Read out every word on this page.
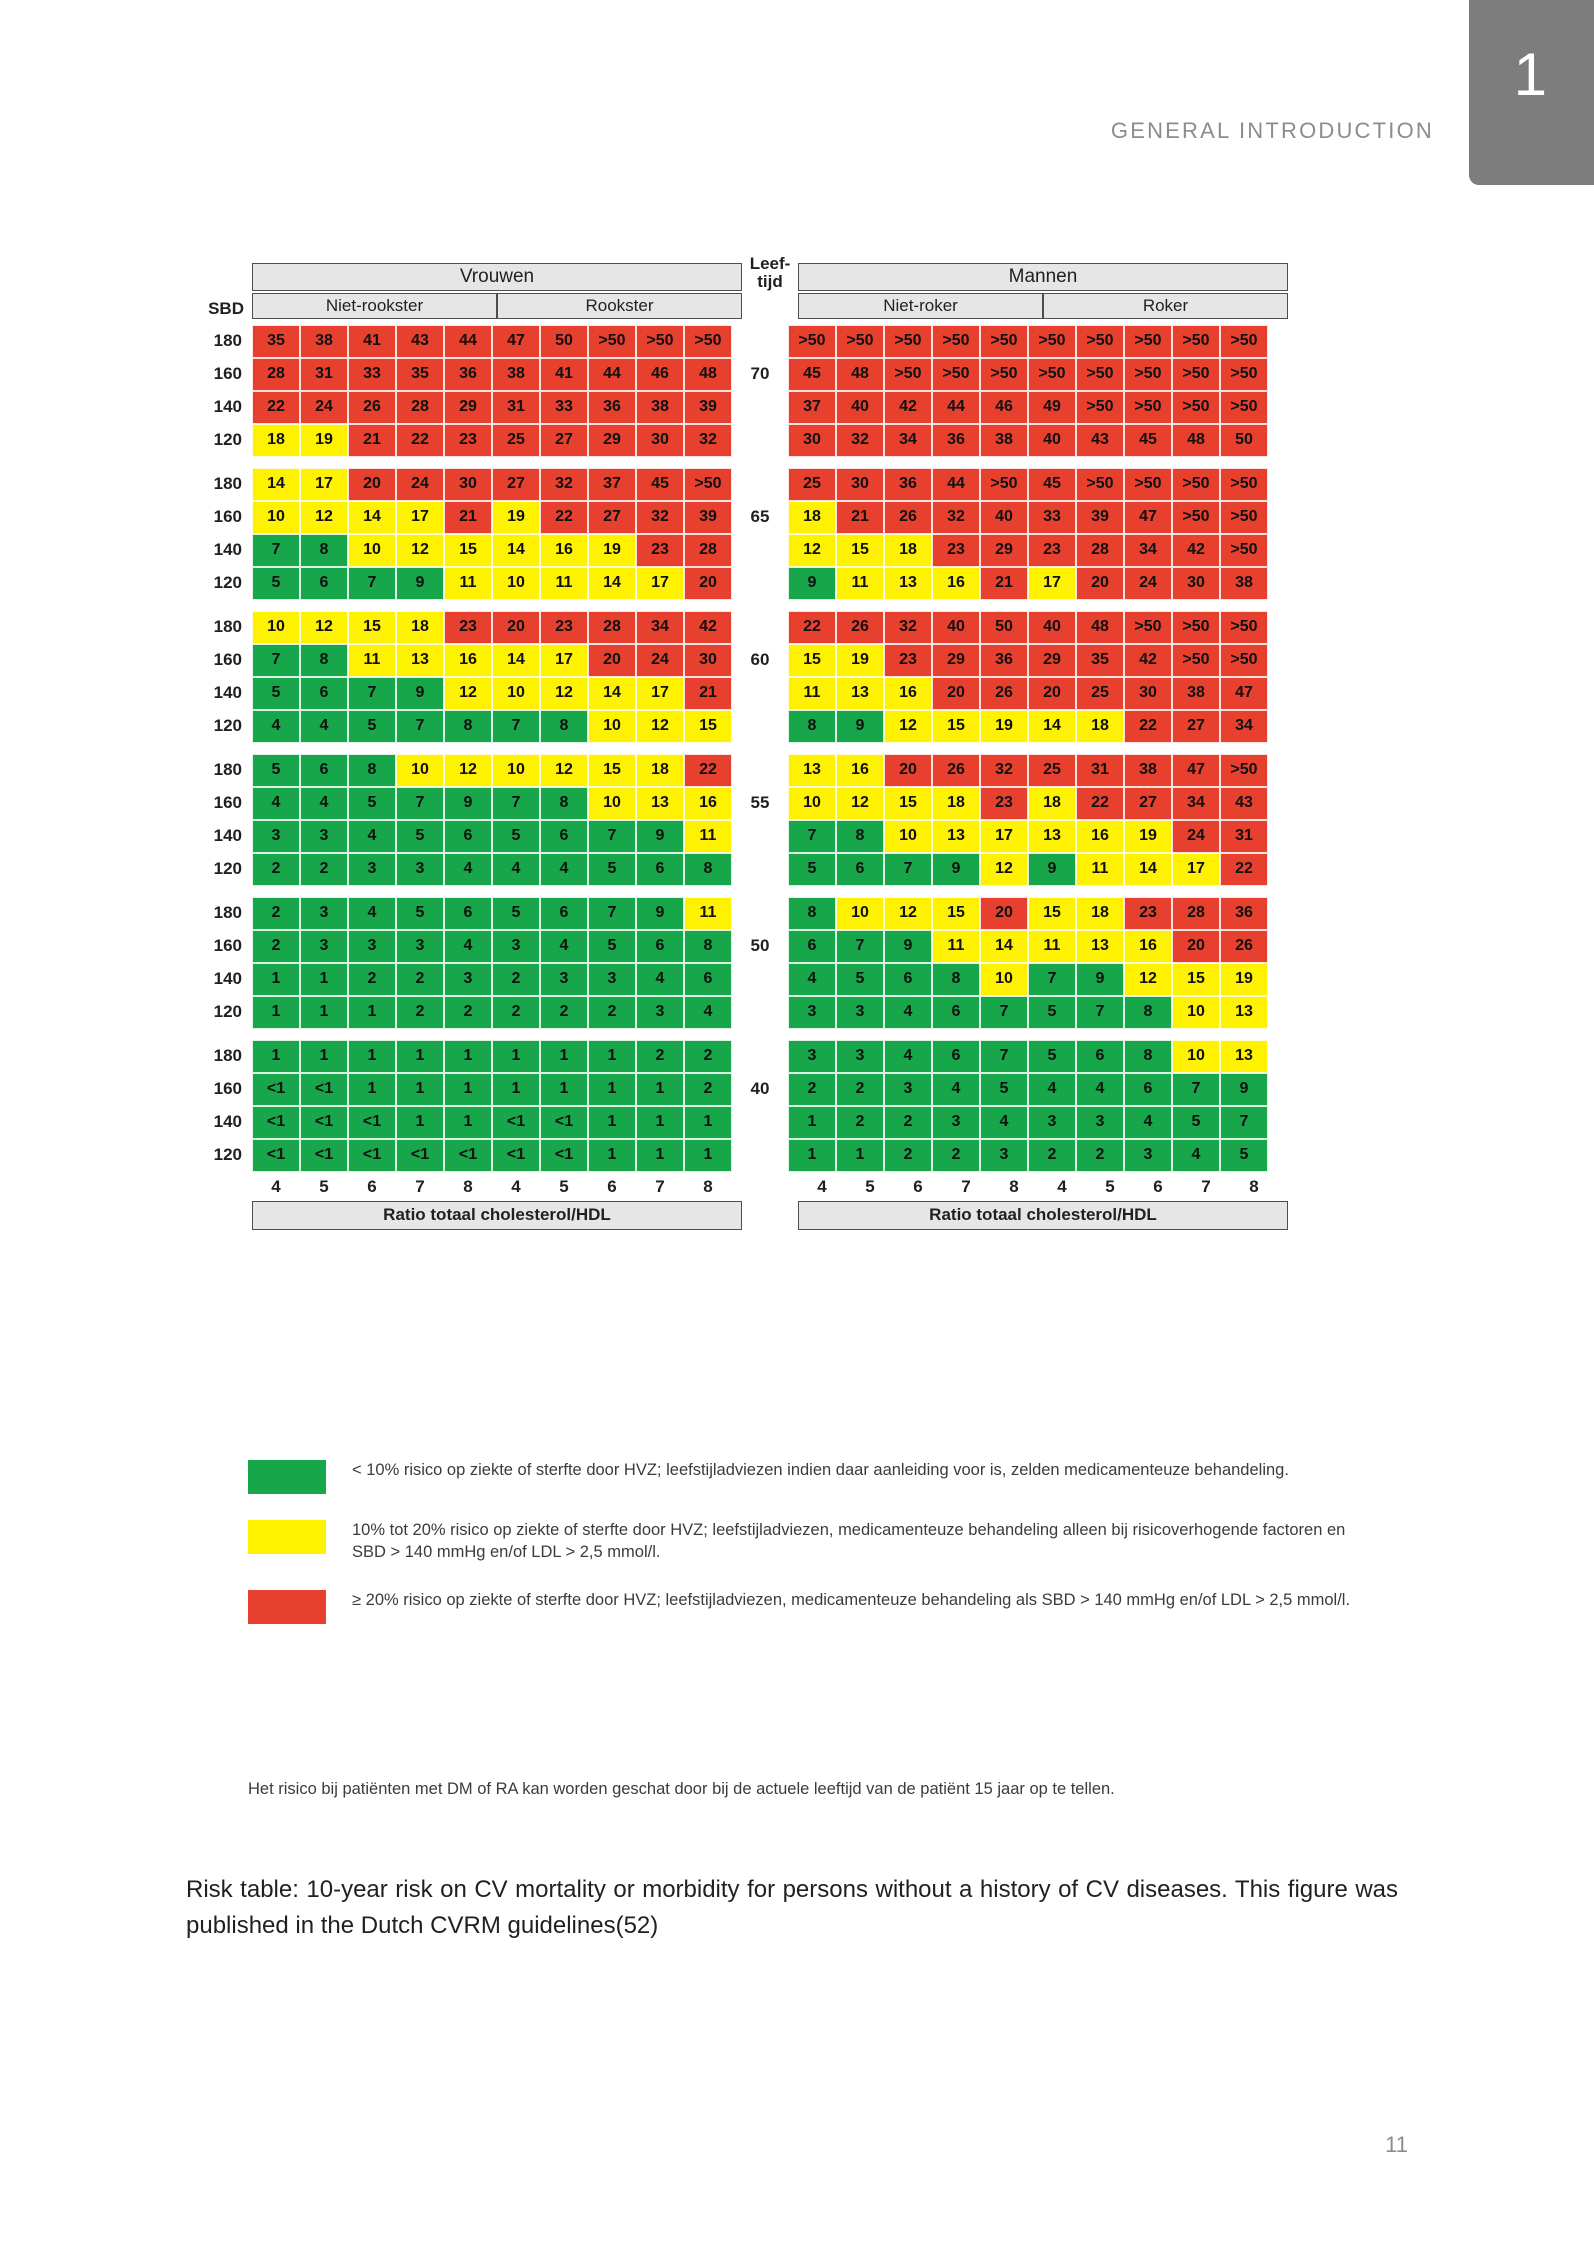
1
GENERAL INTRODUCTION
Vrouwen
Leef-
tijd	Mannen
SBD	Niet-rookster	Rookster	Niet-roker	Roker
180	35	38	41	43	44	47	50	>50	>50	>50	>50	>50	>50	>50	>50	>50	>50	>50	>50	>50
160	28	31	33	35	36	38	41	44	46	48	70	45	48	>50	>50	>50	>50	>50	>50	>50	>50
140	22	24	26	28	29	31	33	36	38	39	37	40	42	44	46	49	>50	>50	>50	>50
120	18	19	21	22	23	25	27	29	30	32	30	32	34	36	38	40	43	45	48	50
180	14	17	20	24	30	27	32	37	45	>50	25	30	36	44	>50	45	>50	>50	>50	>50
160	10	12	14	17	21	19	22	27	32	39	65	18	21	26	32	40	33	39	47	>50	>50
140	7	8	10	12	15	14	16	19	23	28	12	15	18	23	29	23	28	34	42	>50
120	5	6	7	9	11	10	11	14	17	20	9	11	13	16	21	17	20	24	30	38
180	10	12	15	18	23	20	23	28	34	42	22	26	32	40	50	40	48	>50	>50	>50
160	7	8	11	13	16	14	17	20	24	30	60	15	19	23	29	36	29	35	42	>50	>50
140	5	6	7	9	12	10	12	14	17	21	11	13	16	20	26	20	25	30	38	47
120	4	4	5	7	8	7	8	10	12	15	8	9	12	15	19	14	18	22	27	34
180	5	6	8	10	12	10	12	15	18	22	13	16	20	26	32	25	31	38	47	>50
160	4	4	5	7	9	7	8	10	13	16	55	10	12	15	18	23	18	22	27	34	43
140	3	3	4	5	6	5	6	7	9	11	7	8	10	13	17	13	16	19	24	31
120	2	2	3	3	4	4	4	5	6	8	5	6	7	9	12	9	11	14	17	22
180	2	3	4	5	6	5	6	7	9	11	8	10	12	15	20	15	18	23	28	36
160	2	3	3	3	4	3	4	5	6	8	50	6	7	9	11	14	11	13	16	20	26
140	1	1	2	2	3	2	3	3	4	6	4	5	6	8	10	7	9	12	15	19
120	1	1	1	2	2	2	2	2	3	4	3	3	4	6	7	5	7	8	10	13
180	1	1	1	1	1	1	1	1	2	2	3	3	4	6	7	5	6	8	10	13
160	<1	<1	1	1	1	1	1	1	1	2	40	2	2	3	4	5	4	4	6	7	9
140	<1	<1	<1	1	1	<1	<1	1	1	1	1	2	2	3	4	3	3	4	5	7
120	<1	<1	<1	<1	<1	<1	<1	1	1	1	1	1	2	2	3	2	2	3	4	5
4	5	6	7	8	4	5	6	7	8
Ratio totaal cholesterol/HDL
4	5	6	7	8	4	5	6	7	8
Ratio totaal cholesterol/HDL
< 10% risico op ziekte of sterfte door HVZ; leefstijladviezen indien daar aanleiding voor is, zelden medicamenteuze behandeling.
10% tot 20% risico op ziekte of sterfte door HVZ; leefstijladviezen, medicamenteuze behandeling alleen bij risicoverhogende factoren en SBD > 140 mmHg en/of LDL > 2,5 mmol/l.
≥ 20% risico op ziekte of sterfte door HVZ; leefstijladviezen, medicamenteuze behandeling als SBD > 140 mmHg en/of LDL > 2,5 mmol/l.
Het risico bij patiënten met DM of RA kan worden geschat door bij de actuele leeftijd van de patiënt 15 jaar op te tellen.
Risk table: 10-year risk on CV mortality or morbidity for persons without a history of CV diseases. This figure was published in the Dutch CVRM guidelines(52)
11
